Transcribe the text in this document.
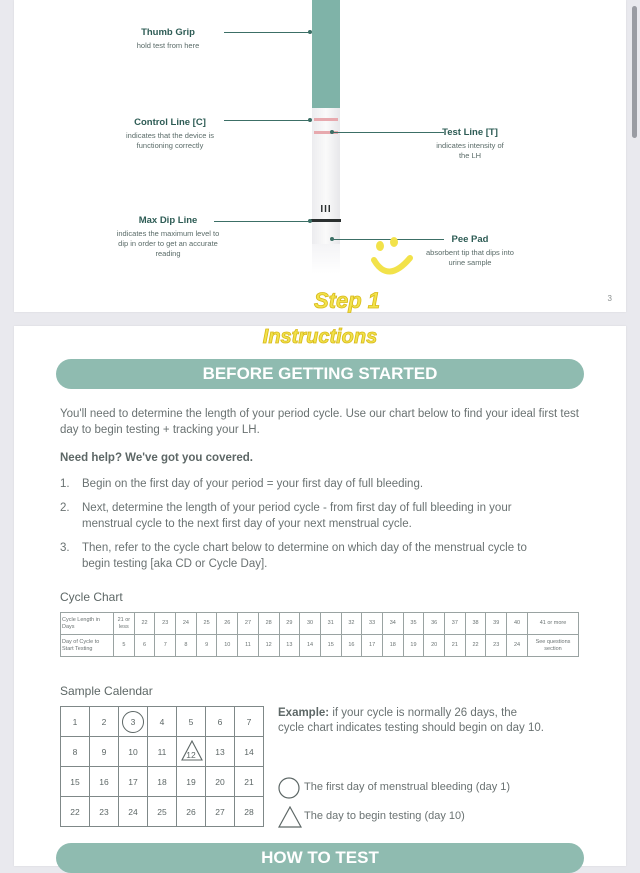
III
Thumb Grip
hold test from here
Control Line [C]
indicates that the device is functioning correctly
Test Line [T]
indicates intensity of the LH
Max Dip Line
indicates the maximum level to dip in order to get an accurate reading
Pee Pad
absorbent tip that dips into urine sample
Step 1	3
Instructions
BEFORE GETTING STARTED
You'll need to determine the length of your period cycle. Use our chart below to find your ideal first test day to begin testing + tracking your LH.
Need help? We've got you covered.
1. Begin on the first day of your period = your first day of full bleeding.
2. Next, determine the length of your period cycle - from first day of full bleeding in your menstrual cycle to the next first day of your next menstrual cycle.
3. Then, refer to the cycle chart below to determine on which day of the menstrual cycle to begin testing [aka CD or Cycle Day].
Cycle Chart
Cycle Length in Days	21 or less	22	23	24	25	26	27	28	29	30	31	32	33	34	35	36	37	38	39	40	41 or more
Day of Cycle to Start Testing	5	6	7	8	9	10	11	12	13	14	15	16	17	18	19	20	21	22	23	24	See questions section
Sample Calendar
1	2	3	4	5	6	7
8	9	10	11	12	13	14
15	16	17	18	19	20	21
22	23	24	25	26	27	28
Example: if your cycle is normally 26 days, the cycle chart indicates testing should begin on day 10.
The first day of menstrual bleeding (day 1)
The day to begin testing (day 10)
HOW TO TEST
